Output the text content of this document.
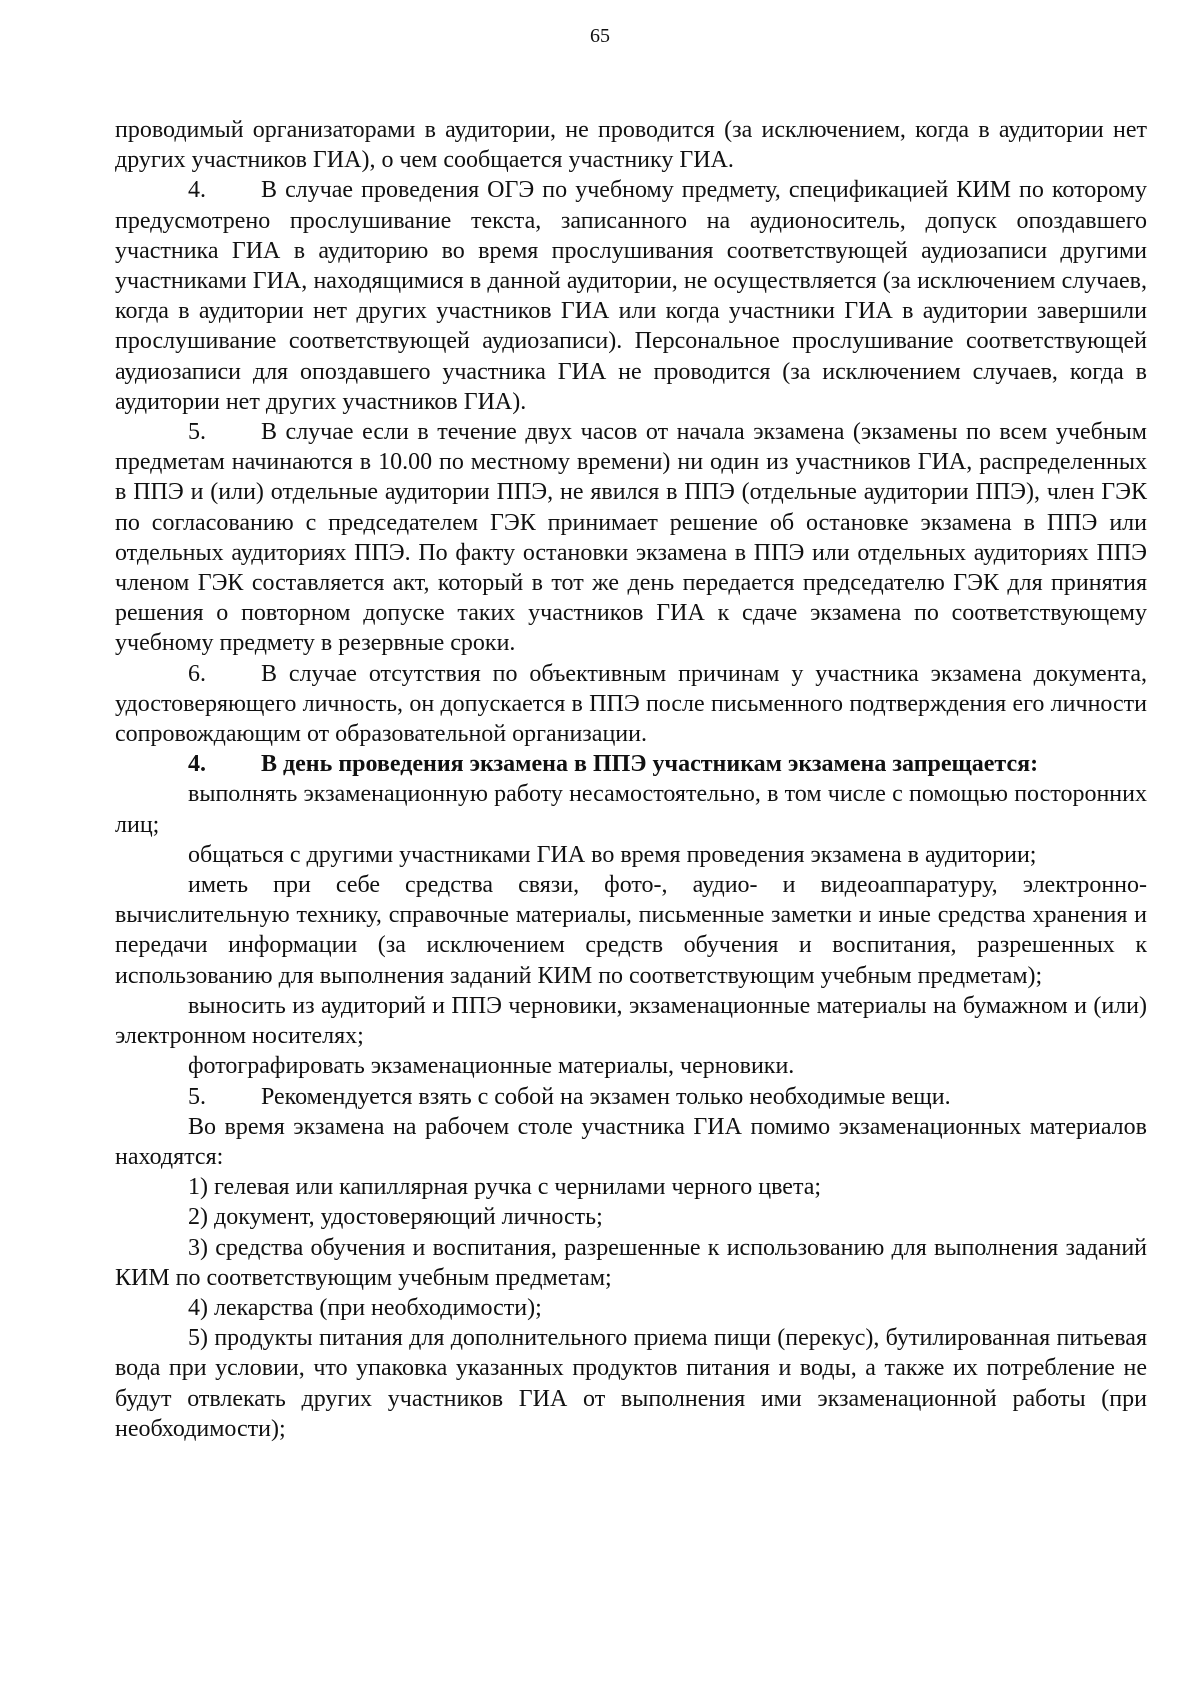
65

проводимый организаторами в аудитории, не проводится (за исключением, когда в аудитории нет других участников ГИА), о чем сообщается участнику ГИА.

4. В случае проведения ОГЭ по учебному предмету, спецификацией КИМ по которому предусмотрено прослушивание текста, записанного на аудионоситель, допуск опоздавшего участника ГИА в аудиторию во время прослушивания соответствующей аудиозаписи другими участниками ГИА, находящимися в данной аудитории, не осуществляется (за исключением случаев, когда в аудитории нет других участников ГИА или когда участники ГИА в аудитории завершили прослушивание соответствующей аудиозаписи). Персональное прослушивание соответствующей аудиозаписи для опоздавшего участника ГИА не проводится (за исключением случаев, когда в аудитории нет других участников ГИА).

5. В случае если в течение двух часов от начала экзамена (экзамены по всем учебным предметам начинаются в 10.00 по местному времени) ни один из участников ГИА, распределенных в ППЭ и (или) отдельные аудитории ППЭ, не явился в ППЭ (отдельные аудитории ППЭ), член ГЭК по согласованию с председателем ГЭК принимает решение об остановке экзамена в ППЭ или отдельных аудиториях ППЭ. По факту остановки экзамена в ППЭ или отдельных аудиториях ППЭ членом ГЭК составляется акт, который в тот же день передается председателю ГЭК для принятия решения о повторном допуске таких участников ГИА к сдаче экзамена по соответствующему учебному предмету в резервные сроки.

6. В случае отсутствия по объективным причинам у участника экзамена документа, удостоверяющего личность, он допускается в ППЭ после письменного подтверждения его личности сопровождающим от образовательной организации.

4. В день проведения экзамена в ППЭ участникам экзамена запрещается:

выполнять экзаменационную работу несамостоятельно, в том числе с помощью посторонних лиц;

общаться с другими участниками ГИА во время проведения экзамена в аудитории;

иметь при себе средства связи, фото-, аудио- и видеоаппаратуру, электронно-вычислительную технику, справочные материалы, письменные заметки и иные средства хранения и передачи информации (за исключением средств обучения и воспитания, разрешенных к использованию для выполнения заданий КИМ по соответствующим учебным предметам);

выносить из аудиторий и ППЭ черновики, экзаменационные материалы на бумажном и (или) электронном носителях;

фотографировать экзаменационные материалы, черновики.

5. Рекомендуется взять с собой на экзамен только необходимые вещи.

Во время экзамена на рабочем столе участника ГИА помимо экзаменационных материалов находятся:

1) гелевая или капиллярная ручка с чернилами черного цвета;

2) документ, удостоверяющий личность;

3) средства обучения и воспитания, разрешенные к использованию для выполнения заданий КИМ по соответствующим учебным предметам;

4) лекарства (при необходимости);

5) продукты питания для дополнительного приема пищи (перекус), бутилированная питьевая вода при условии, что упаковка указанных продуктов питания и воды, а также их потребление не будут отвлекать других участников ГИА от выполнения ими экзаменационной работы (при необходимости);
